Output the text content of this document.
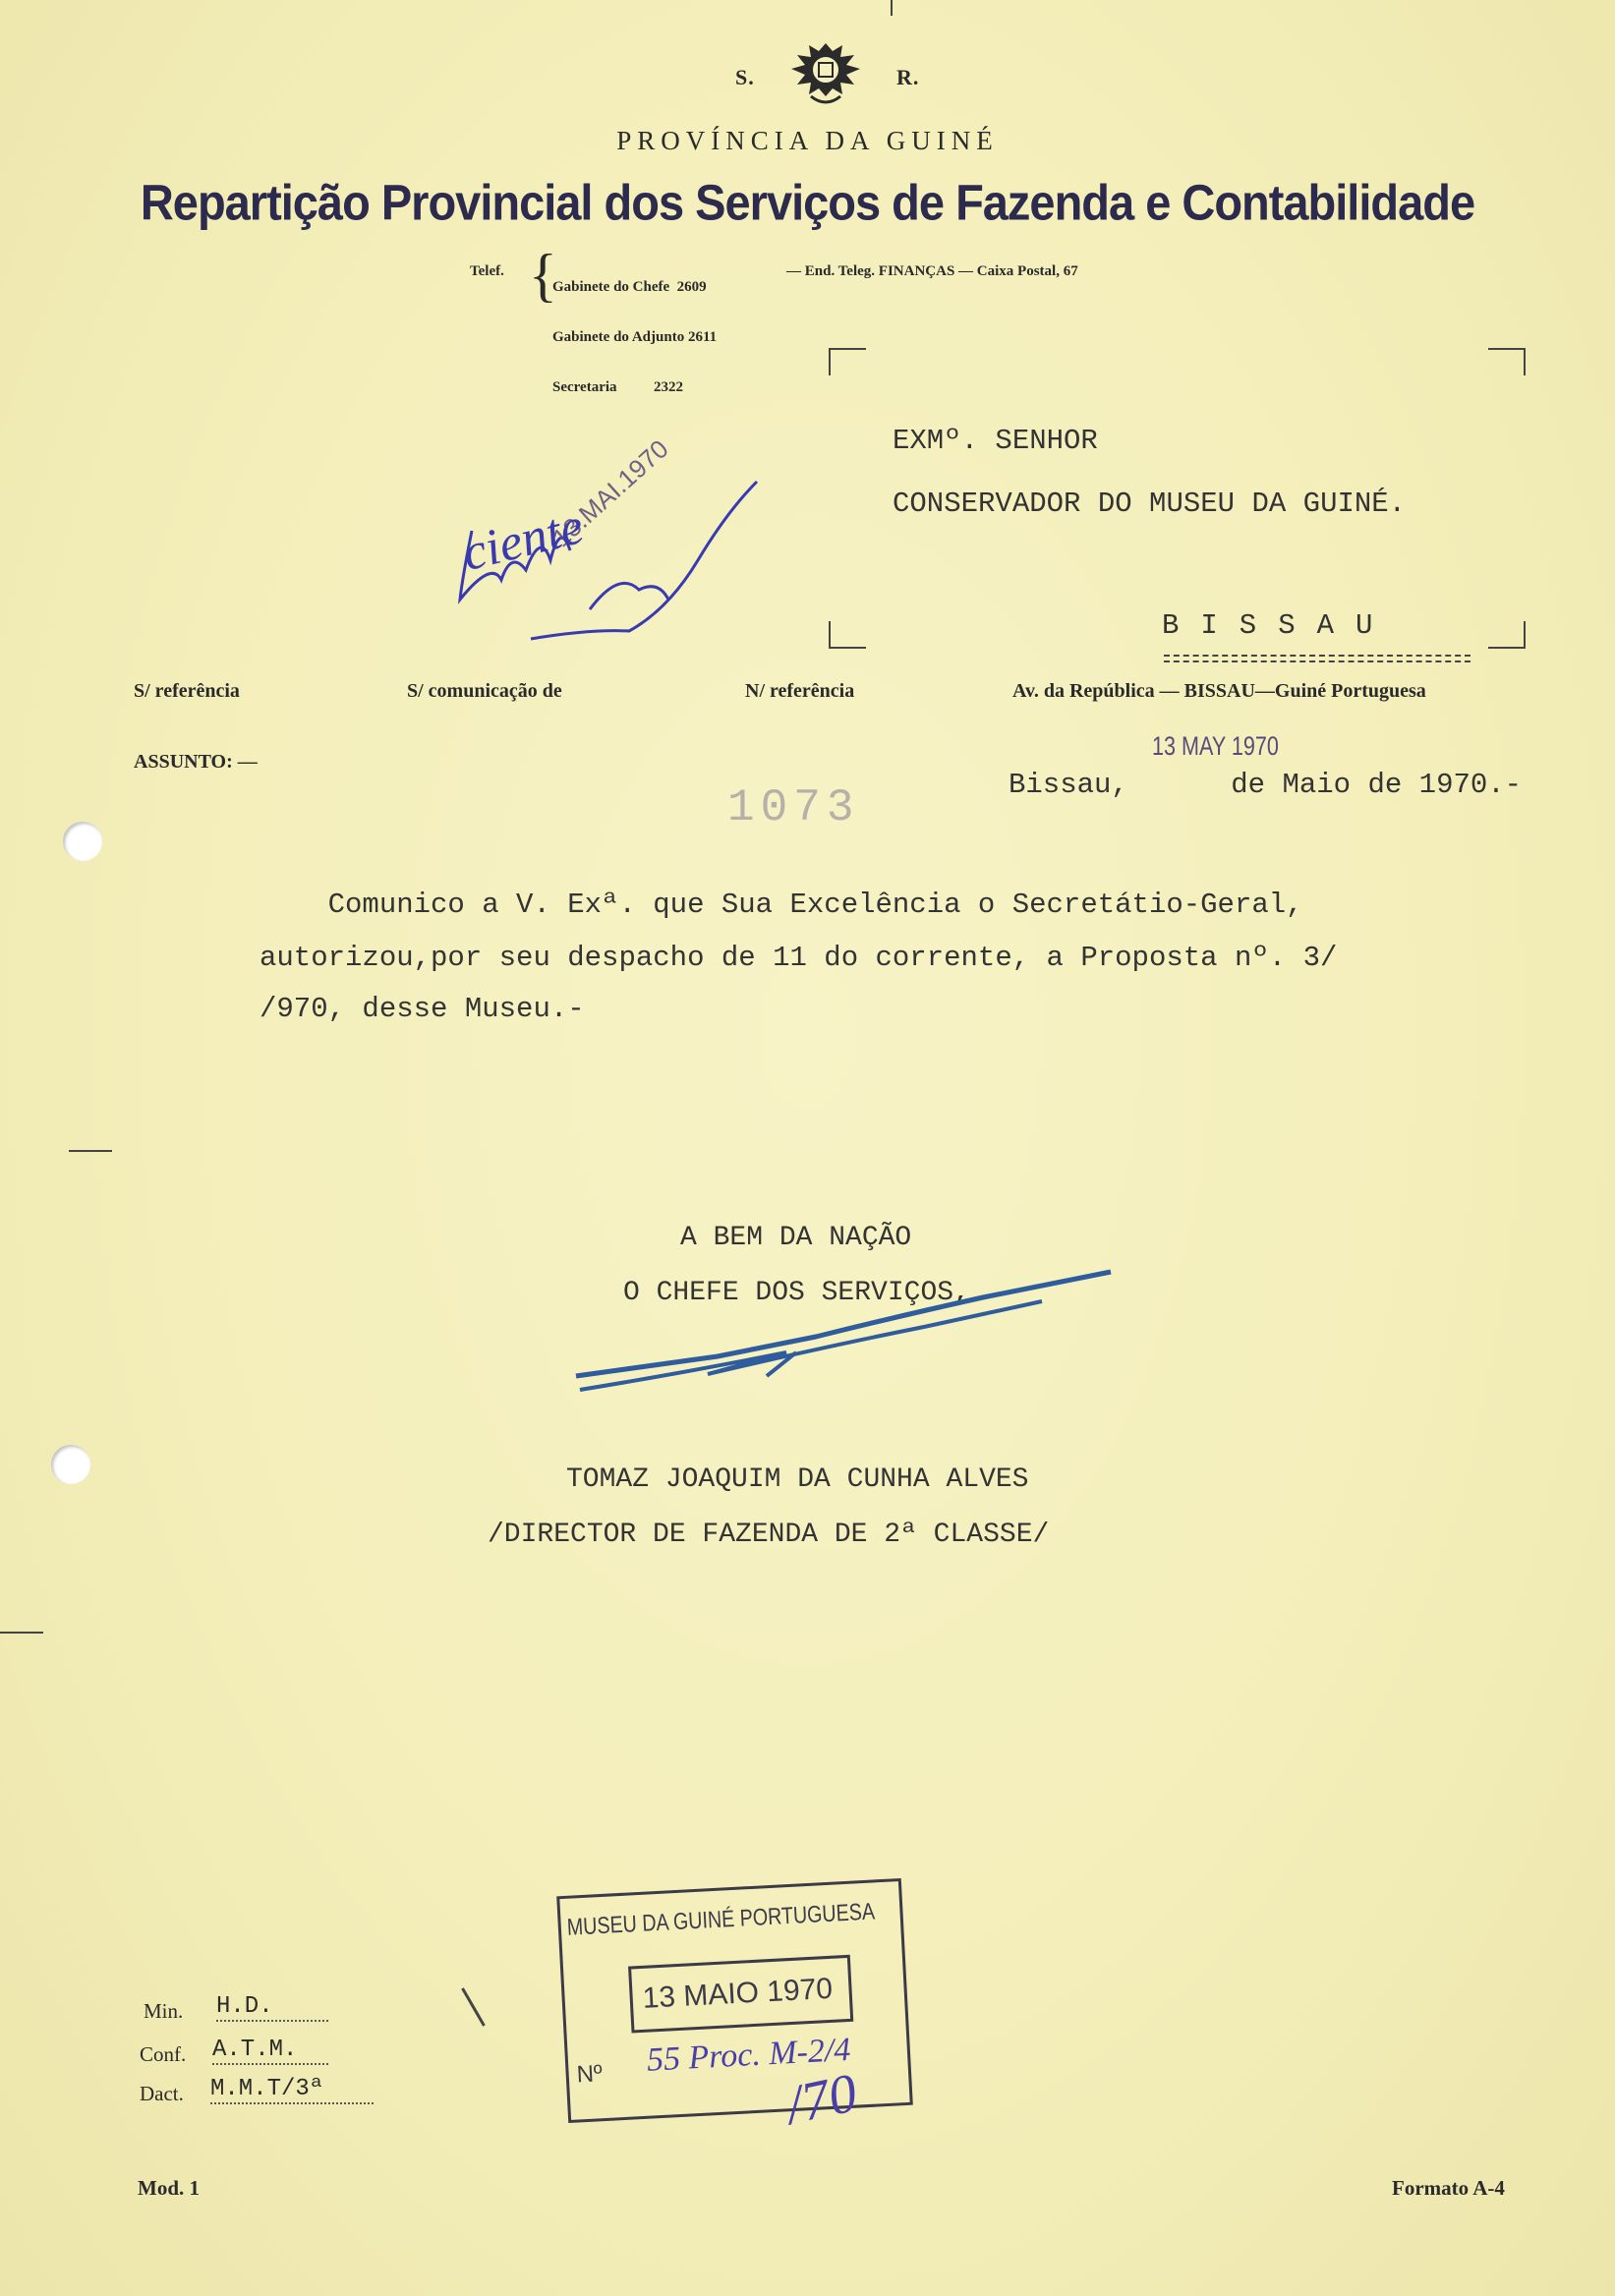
S.	R.
PROVÍNCIA DA GUINÉ
Repartição Provincial dos Serviços de Fazenda e Contabilidade
Telef. {

Gabinete do Chefe  2609

Gabinete do Adjunto 2611

Secretaria          2322

— End. Teleg. FINANÇAS — Caixa Postal, 67
EXMº. SENHOR
CONSERVADOR DO MUSEU DA GUINÉ.
BISSAU
13.MAI.1970
ciente
S/ referência	S/ comunicação de	N/ referência	Av. da República — BISSAU—Guiné Portuguesa
ASSUNTO: —
13 MAY 1970
1073	Bissau,      de Maio de 1970.-
Comunico a V. Exª. que Sua Excelência o Secretátio-Geral,
autorizou,por seu despacho de 11 do corrente, a Proposta nº. 3/
/970, desse Museu.-
A BEM DA NAÇÃO
O CHEFE DOS SERVIÇOS,
TOMAZ JOAQUIM DA CUNHA ALVES
/DIRECTOR DE FAZENDA DE 2ª CLASSE/
MUSEU DA GUINÉ PORTUGUESA
13 MAIO 1970
Nº 55 Proc. M-2/4
/70
Min. H.D.
Conf. A.T.M.
Dact. M.M.T/3ª
Mod. 1	Formato A-4
